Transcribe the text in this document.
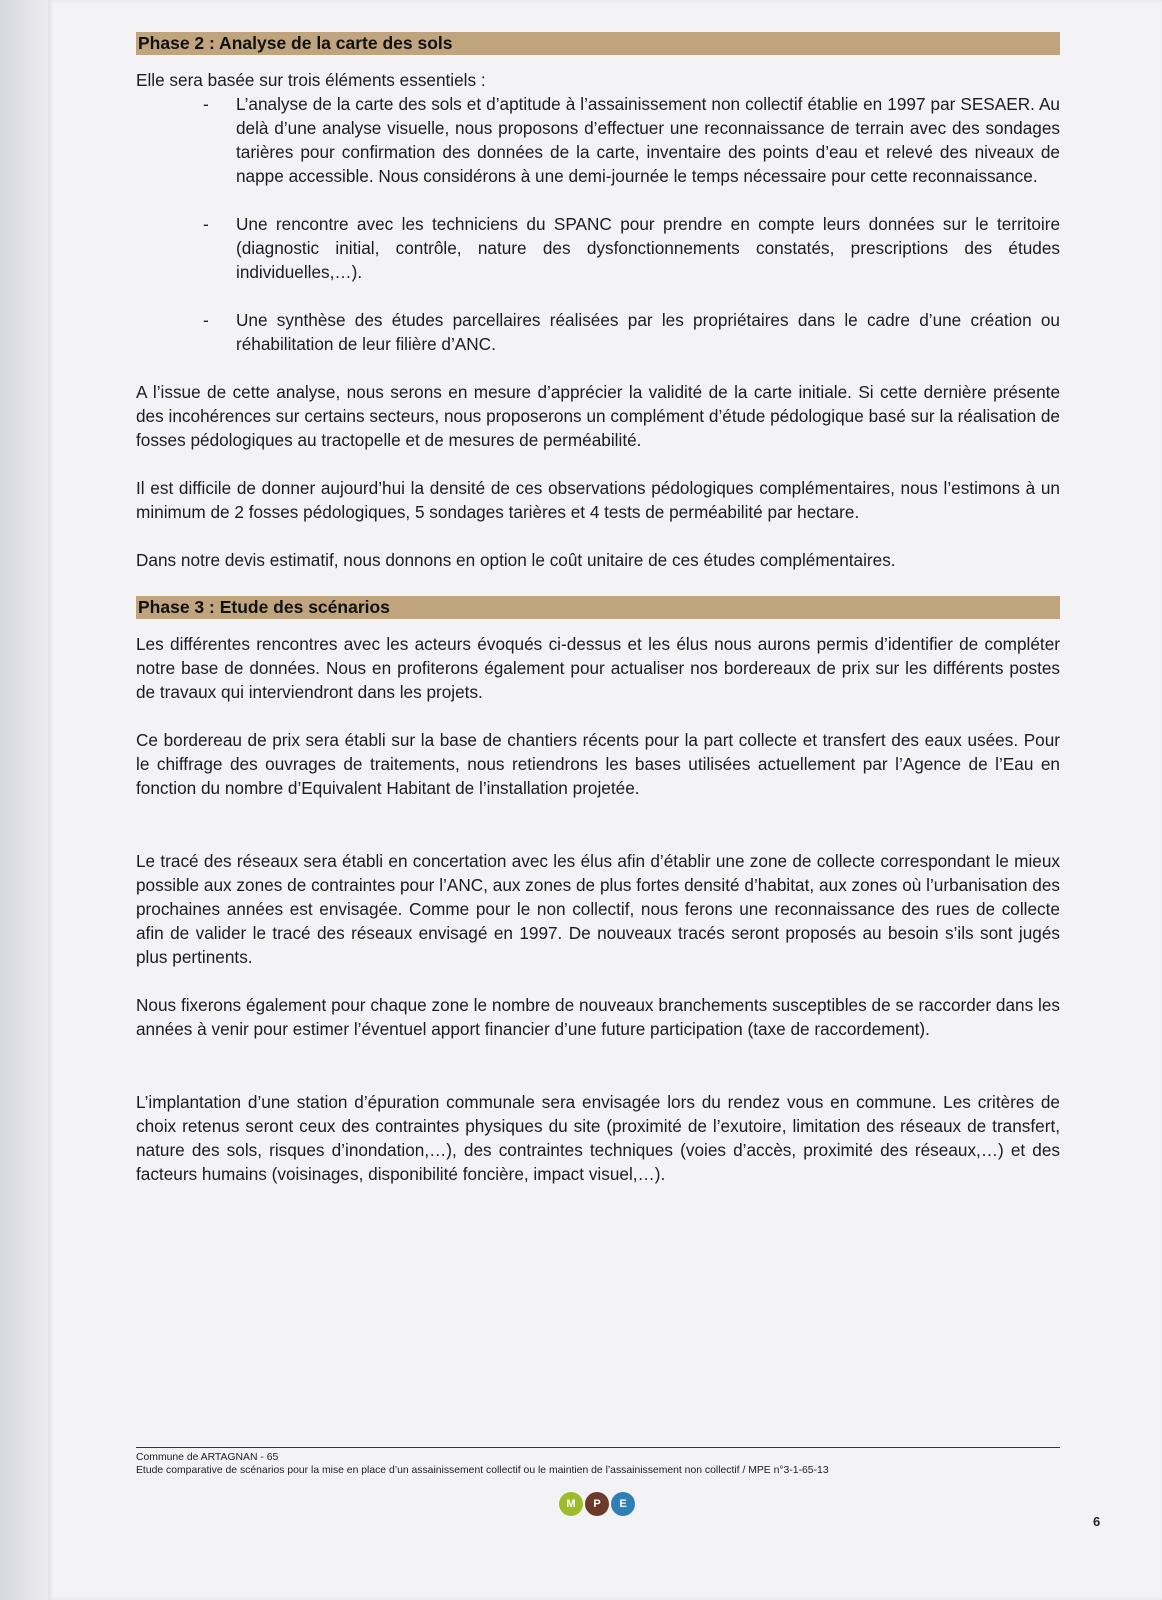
Phase 2 : Analyse de la carte des sols

Elle sera basée sur trois éléments essentiels :

- L’analyse de la carte des sols et d’aptitude à l’assainissement non collectif établie en 1997 par SESAER. Au delà d’une analyse visuelle, nous proposons d’effectuer une reconnaissance de terrain avec des sondages tarières pour confirmation des données de la carte, inventaire des points d’eau et relevé des niveaux de nappe accessible. Nous considérons à une demi-journée le temps nécessaire pour cette reconnaissance.
- Une rencontre avec les techniciens du SPANC pour prendre en compte leurs données sur le territoire (diagnostic initial, contrôle, nature des dysfonctionnements constatés, prescriptions des études individuelles,…).
- Une synthèse des études parcellaires réalisées par les propriétaires dans le cadre d’une création ou réhabilitation de leur filière d’ANC.

A l’issue de cette analyse, nous serons en mesure d’apprécier la validité de la carte initiale. Si cette dernière présente des incohérences sur certains secteurs, nous proposerons un complément d’étude pédologique basé sur la réalisation de fosses pédologiques au tractopelle et de mesures de perméabilité.

Il est difficile de donner aujourd’hui la densité de ces observations pédologiques complémentaires, nous l’estimons à un minimum de 2 fosses pédologiques, 5 sondages tarières et 4 tests de perméabilité par hectare.

Dans notre devis estimatif, nous donnons en option le coût unitaire de ces études complémentaires.

Phase 3 : Etude des scénarios

Les différentes rencontres avec les acteurs évoqués ci-dessus et les élus nous aurons permis d’identifier de compléter notre base de données. Nous en profiterons également pour actualiser nos bordereaux de prix sur les différents postes de travaux qui interviendront dans les projets.

Ce bordereau de prix sera établi sur la base de chantiers récents pour la part collecte et transfert des eaux usées. Pour le chiffrage des ouvrages de traitements, nous retiendrons les bases utilisées actuellement par l’Agence de l’Eau en fonction du nombre d’Equivalent Habitant de l’installation projetée.

Le tracé des réseaux sera établi en concertation avec les élus afin d’établir une zone de collecte correspondant le mieux possible aux zones de contraintes pour l’ANC, aux zones de plus fortes densité d’habitat, aux zones où l’urbanisation des prochaines années est envisagée. Comme pour le non collectif, nous ferons une reconnaissance des rues de collecte afin de valider le tracé des réseaux envisagé en 1997. De nouveaux tracés seront proposés au besoin s’ils sont jugés plus pertinents.

Nous fixerons également pour chaque zone le nombre de nouveaux branchements susceptibles de se raccorder dans les années à venir pour estimer l’éventuel apport financier d’une future participation (taxe de raccordement).

L’implantation d’une station d’épuration communale sera envisagée lors du rendez vous en commune. Les critères de choix retenus seront ceux des contraintes physiques du site (proximité de l’exutoire, limitation des réseaux de transfert, nature des sols, risques d’inondation,…), des contraintes techniques (voies d’accès, proximité des réseaux,…) et des facteurs humains (voisinages, disponibilité foncière, impact visuel,…).

Commune de ARTAGNAN - 65
Etude comparative de scénarios pour la mise en place d’un assainissement collectif ou le maintien de l’assainissement non collectif / MPE n°3-1-65-13
M	P	E
6
